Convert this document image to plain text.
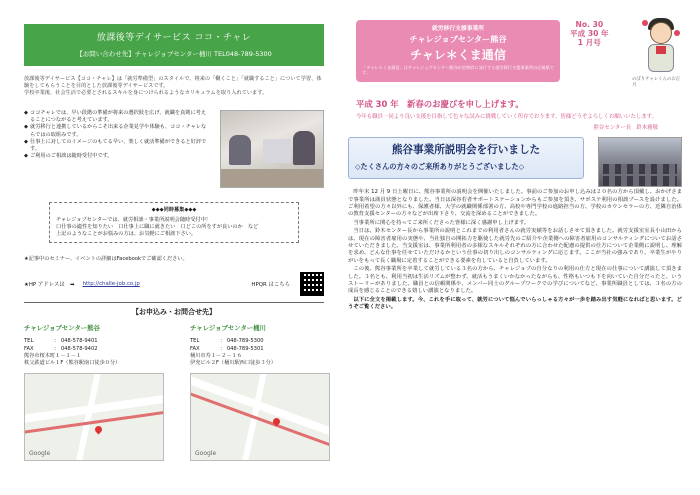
放課後等デイサービス ココ・チャレ
【お問い合わせ先】チャレジョブセンター桶川 TEL048-789-5300
放課後等デイサービス【ココ・チャレ】は「就労準備型」のスタイルで、将来の「働くこと」「就職すること」について学習、体験をしてもらうことを目的とした放課後等デイサービスです。
学校卒業後、社会生活で必要とされるスキルを身につけられるようなカリキュラムを取り入れています。
◆ ココチャレでは、早い段階の準備が将来の選択肢を広げ、就職を真剣に考えることにつながると考えています。
◆ 就労移行と連携しているからこそ出来る企業見学や体験も、ココ・チャレならではの取組みです。
◆ 仕事上に対してのイメージのもてる早い、楽しく就活準備ができると好評です。
◆ ご利用のご相談は随時受付中です。
◆◆◆同時募集◆◆◆
チャレジョブセンターでは、就労相談・事業所説明会随時受付中！
口仕事の適性を知りたい　口仕事上に職に就きたい　口どこの所をすが良いのか　など
上記のようなことがお悩みの方は、お気軽にご相談下さい。
★記事中のセミナー、イベントの詳細はFacebookでご確認ください。
★HP アドレスは　➡ http://challe-job.co.jp	HPQR はこちら
【お申込み・お問合せ先】
チャレジョブセンター熊谷
TEL	： 048-578-9401
FAX	： 048-578-9402
熊谷市桜木町１－１－１
秩父鉄道ビル１F（熊谷駅南口徒歩０分）
Google
チャレジョブセンター桶川
TEL	： 048-789-5300
FAX	： 048-789-5301
桶川市寿１－２－１６
伊充ビル２F（桶川駅西口徒歩３分）
Google
就労移行支援事業所
チャレジョブセンター熊谷
チャレ＊くま通信
「チャレ＊くま通信」はチャレジョブセンター熊谷が定期的に発行する就労移行支援事業所の広報紙です。
No. 30
平成 30 年
1 月号
のぼりチャレくんのお正月
平成 30 年　新春のお慶びを申し上げます。
今年も職員一同より良い支援を目指して色々な試みに挑戦していく所存でおります。皆様どうぞよろしくお願いいたします。
熊谷センター長　鈴木雅敬
熊谷事業所説明会を行いました
◇たくさんの方々のご来所ありがとうございました◇

昨年末 12 月 9 日土曜日に、熊谷事業所の説明会を開催いたしました。事前のご参加のお申し込みは２０名の方から頂戴し、おかげさまで事業所は満員状態となりました。当日は深谷若者サポートステーションからもご参加を頂き、サポステ利用の相談ブースを設けました。ご利用希望の方々以外にも、保護者様、大学の就職関係部署の方、高校や専門学校の進路担当の方、学校のカウンセラーの方、近隣自治体の教育支援センターの方々などが出席下さり、交流を深めることができました。

当事業所に関心を持ってご来所くださった皆様に深く感謝申し上げます。

当日は、鈴木センター長から事業所の説明とこれまでの利用者さんの就労実績等をお話しさせて頂きました。就労支援室室長小山田からは、現在の障害者雇用の実態や、当社独自の開拓力を駆使した就労先のご紹介や企業側への障害者雇用のコンサルティングについてお話させていただきました。当支援室は、事業所利用者の多様なスキルそれぞれの方に合わせた配慮の提供の仕方について企業側に説明し、理解を求め、どんな仕事を任せていただけるかという仕事の切り出しのコンサルティングに応じます。ここが当社の強みであり、卒業生がやりがいをもって長く職場に定着することができる要素を有していると自負しています。

この後、熊谷事業所を卒業して就労している３名の方から、チャレジョブの自分なりの利用の仕方と現在の仕事について講演して頂きました。３名とも、利用当初は生活リズムが整わず、就活もうまくいかなかったながらも、性格もいつも下を向いていた自分だったと、いうストーリーがありました。職員との信頼関係や、メンバー同士のグループワークでの学びについてなど、事業所職員としては、３名の方の成長を感じることのできる嬉しい講演となりました。

以下に全文を掲載します。今、これを手に取って、就労について悩んでいらっしゃる方々が一歩を踏み出す気軽になればと思います。どうぞご覧ください。
